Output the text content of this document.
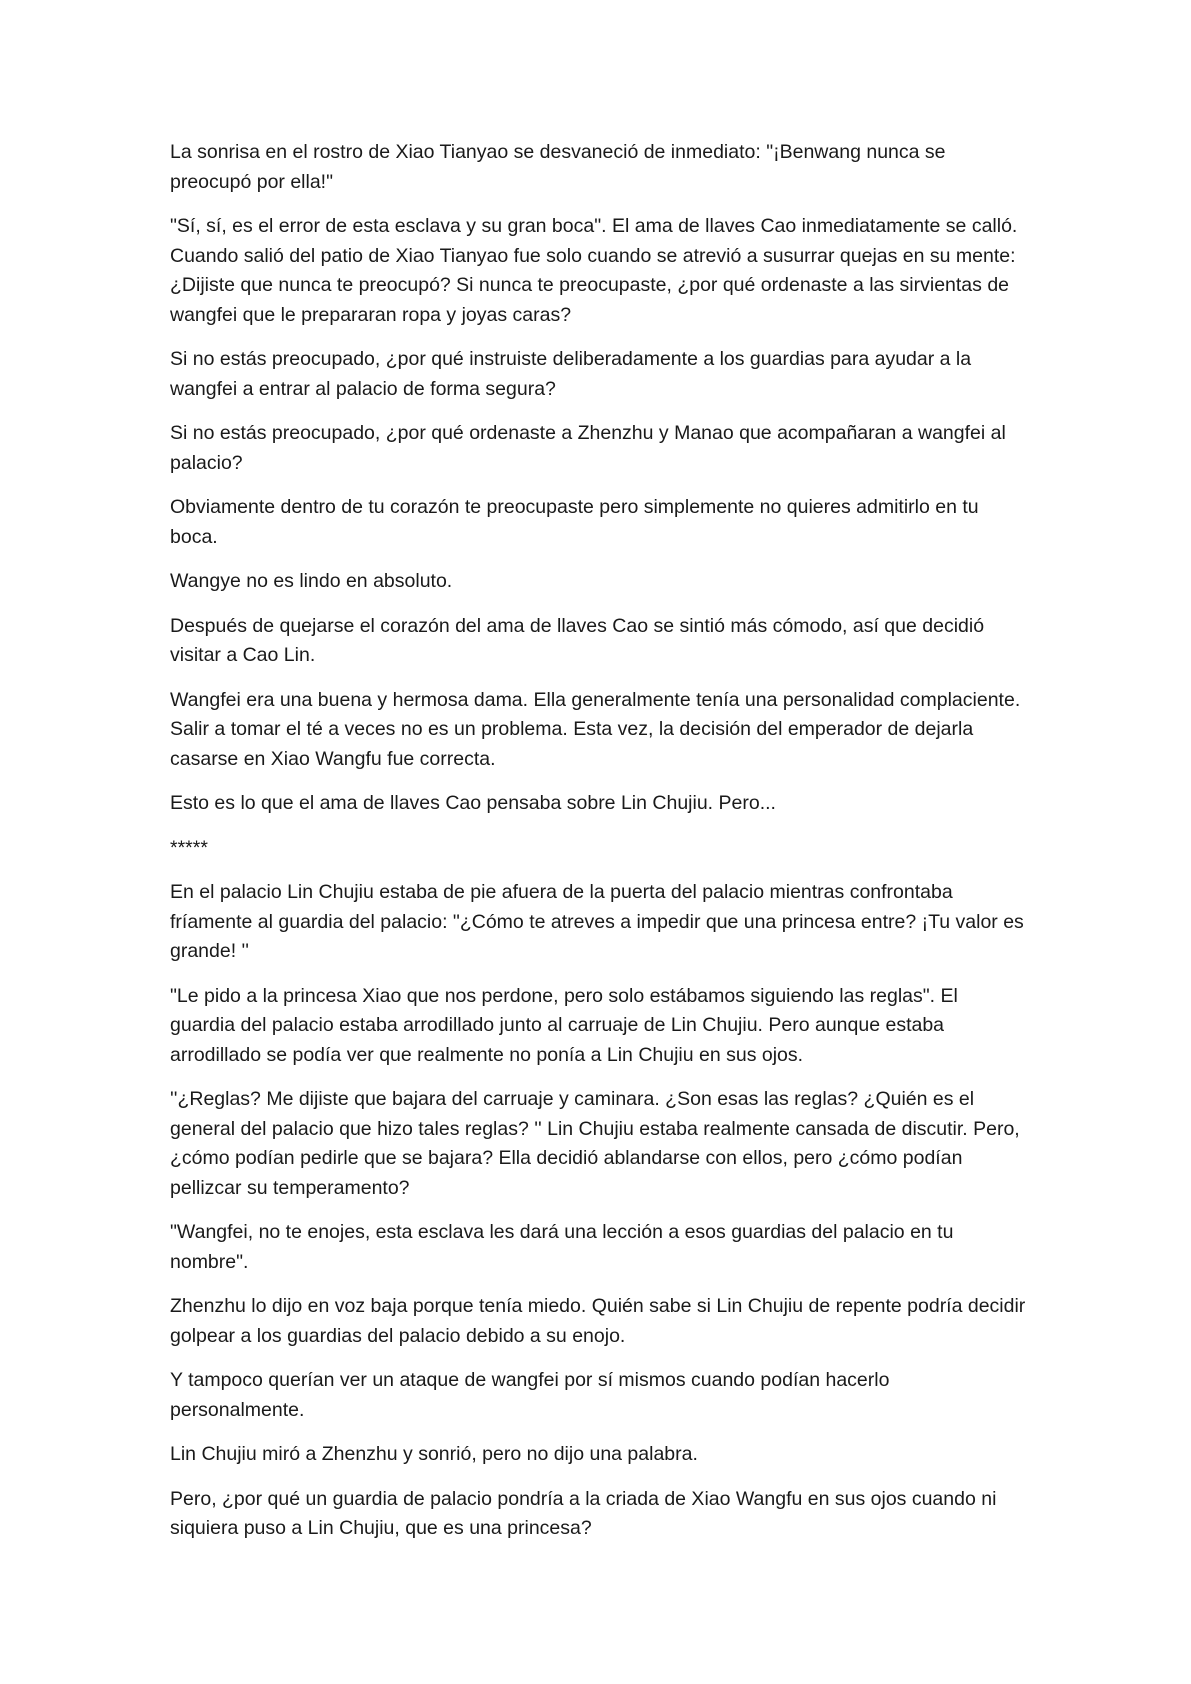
La sonrisa en el rostro de Xiao Tianyao se desvaneció de inmediato: "¡Benwang nunca se preocupó por ella!"

"Sí, sí, es el error de esta esclava y su gran boca". El ama de llaves Cao inmediatamente se calló. Cuando salió del patio de Xiao Tianyao fue solo cuando se atrevió a susurrar quejas en su mente: ¿Dijiste que nunca te preocupó? Si nunca te preocupaste, ¿por qué ordenaste a las sirvientas de wangfei que le prepararan ropa y joyas caras?

Si no estás preocupado, ¿por qué instruiste deliberadamente a los guardias para ayudar a la wangfei a entrar al palacio de forma segura?

Si no estás preocupado, ¿por qué ordenaste a Zhenzhu y Manao que acompañaran a wangfei al palacio?

Obviamente dentro de tu corazón te preocupaste pero simplemente no quieres admitirlo en tu boca.

Wangye no es lindo en absoluto.

Después de quejarse el corazón del ama de llaves Cao se sintió más cómodo, así que decidió visitar a Cao Lin.

Wangfei era una buena y hermosa dama. Ella generalmente tenía una personalidad complaciente. Salir a tomar el té a veces no es un problema. Esta vez, la decisión del emperador de dejarla casarse en Xiao Wangfu fue correcta.

Esto es lo que el ama de llaves Cao pensaba sobre Lin Chujiu. Pero...

*****

En el palacio Lin Chujiu estaba de pie afuera de la puerta del palacio mientras confrontaba fríamente al guardia del palacio: "¿Cómo te atreves a impedir que una princesa entre? ¡Tu valor es grande! ''

"Le pido a la princesa Xiao que nos perdone, pero solo estábamos siguiendo las reglas". El guardia del palacio estaba arrodillado junto al carruaje de Lin Chujiu. Pero aunque estaba arrodillado se podía ver que realmente no ponía a Lin Chujiu en sus ojos.

''¿Reglas? Me dijiste que bajara del carruaje y caminara. ¿Son esas las reglas? ¿Quién es el general del palacio que hizo tales reglas? '' Lin Chujiu estaba realmente cansada de discutir. Pero, ¿cómo podían pedirle que se bajara? Ella decidió ablandarse con ellos, pero ¿cómo podían pellizcar su temperamento?

"Wangfei, no te enojes, esta esclava les dará una lección a esos guardias del palacio en tu nombre".

Zhenzhu lo dijo en voz baja porque tenía miedo. Quién sabe si Lin Chujiu de repente podría decidir golpear a los guardias del palacio debido a su enojo.

Y tampoco querían ver un ataque de wangfei por sí mismos cuando podían hacerlo personalmente.

Lin Chujiu miró a Zhenzhu y sonrió, pero no dijo una palabra.

Pero, ¿por qué un guardia de palacio pondría a la criada de Xiao Wangfu en sus ojos cuando ni siquiera puso a Lin Chujiu, que es una princesa?
